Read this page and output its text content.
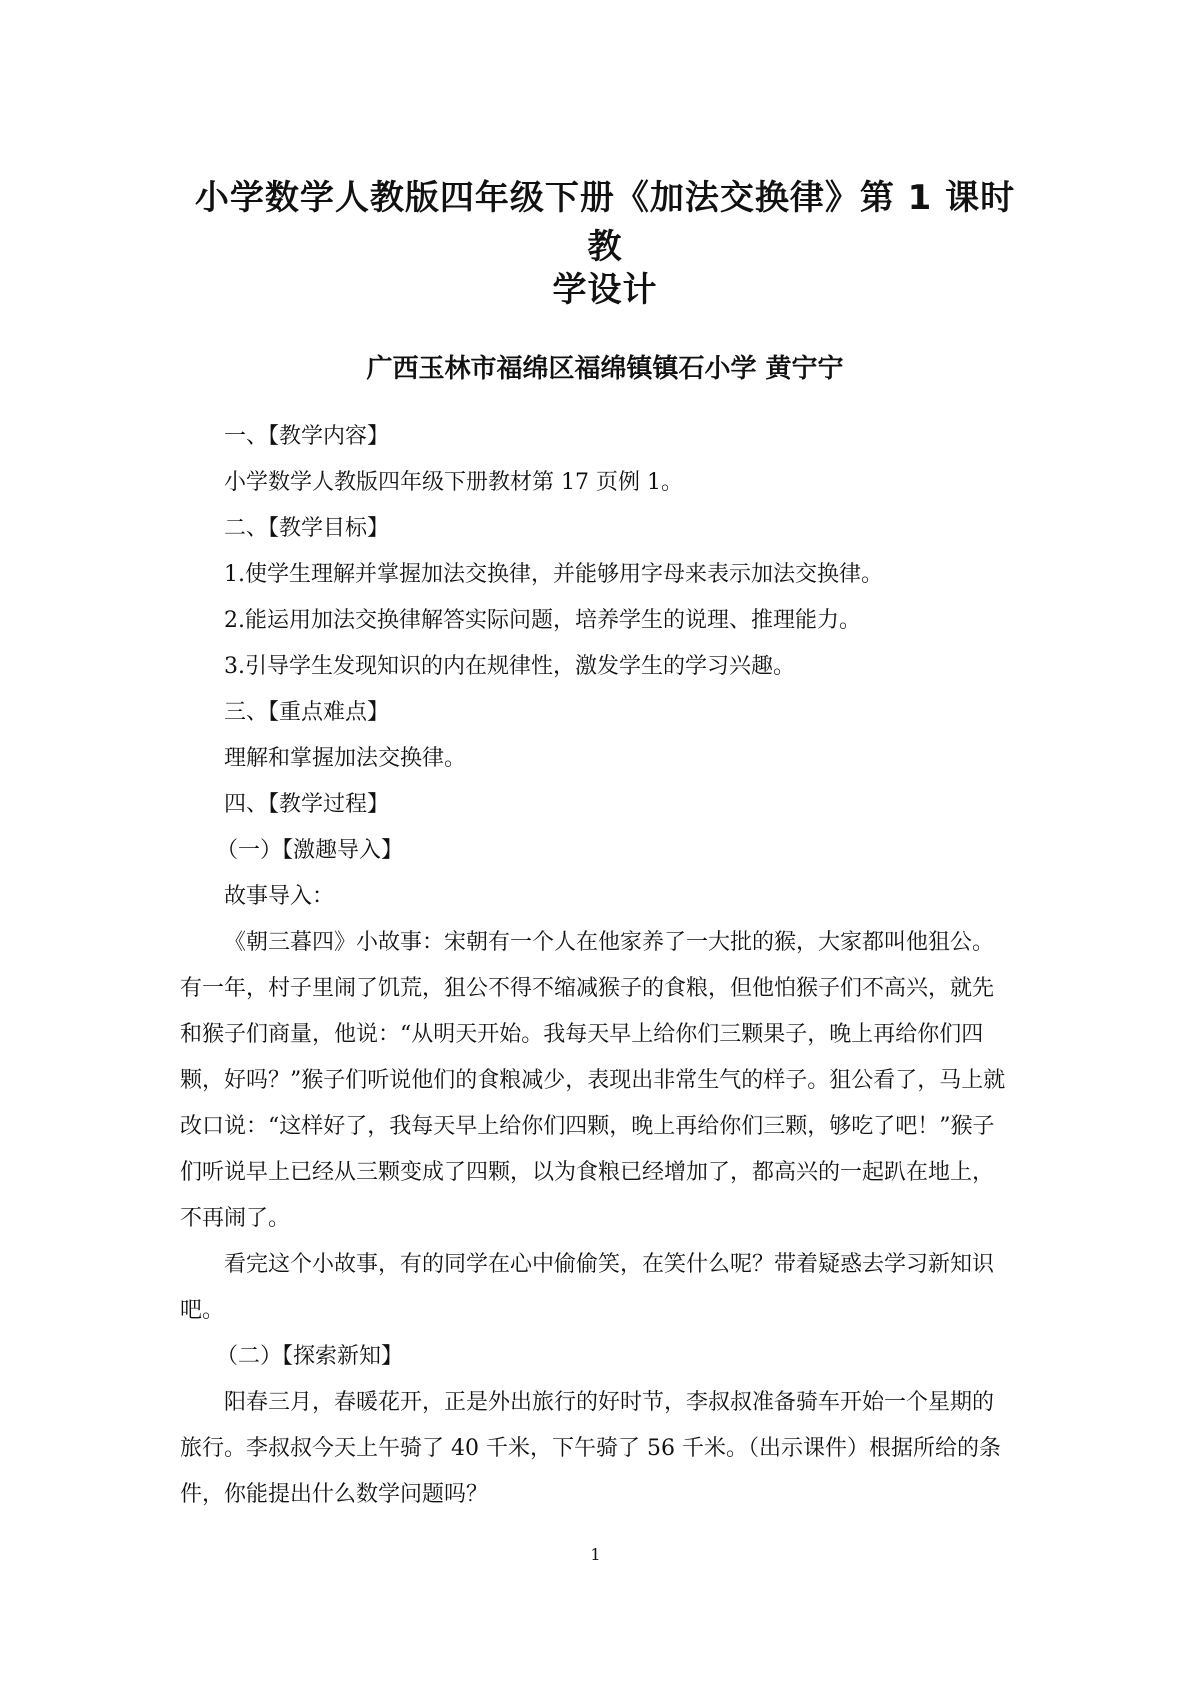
小学数学人教版四年级下册《加法交换律》第 1 课时教
学设计
广西玉林市福绵区福绵镇镇石小学 黄宁宁

一、【教学内容】

小学数学人教版四年级下册教材第 17 页例 1。

二、【教学目标】

1.使学生理解并掌握加法交换律，并能够用字母来表示加法交换律。

2.能运用加法交换律解答实际问题，培养学生的说理、推理能力。

3.引导学生发现知识的内在规律性，激发学生的学习兴趣。

三、【重点难点】

理解和掌握加法交换律。

四、【教学过程】

（一）【激趣导入】

故事导入：

《朝三暮四》小故事：宋朝有一个人在他家养了一大批的猴，大家都叫他狙公。有一年，村子里闹了饥荒，狙公不得不缩减猴子的食粮，但他怕猴子们不高兴，就先和猴子们商量，他说：“从明天开始。我每天早上给你们三颗果子，晚上再给你们四颗，好吗？”猴子们听说他们的食粮减少，表现出非常生气的样子。狙公看了，马上就改口说：“这样好了，我每天早上给你们四颗，晚上再给你们三颗，够吃了吧！”猴子们听说早上已经从三颗变成了四颗，以为食粮已经增加了，都高兴的一起趴在地上，不再闹了。

看完这个小故事，有的同学在心中偷偷笑，在笑什么呢？带着疑惑去学习新知识吧。

（二）【探索新知】

阳春三月，春暖花开，正是外出旅行的好时节，李叔叔准备骑车开始一个星期的旅行。李叔叔今天上午骑了 40 千米，下午骑了 56 千米。（出示课件）根据所给的条件，你能提出什么数学问题吗？

1
